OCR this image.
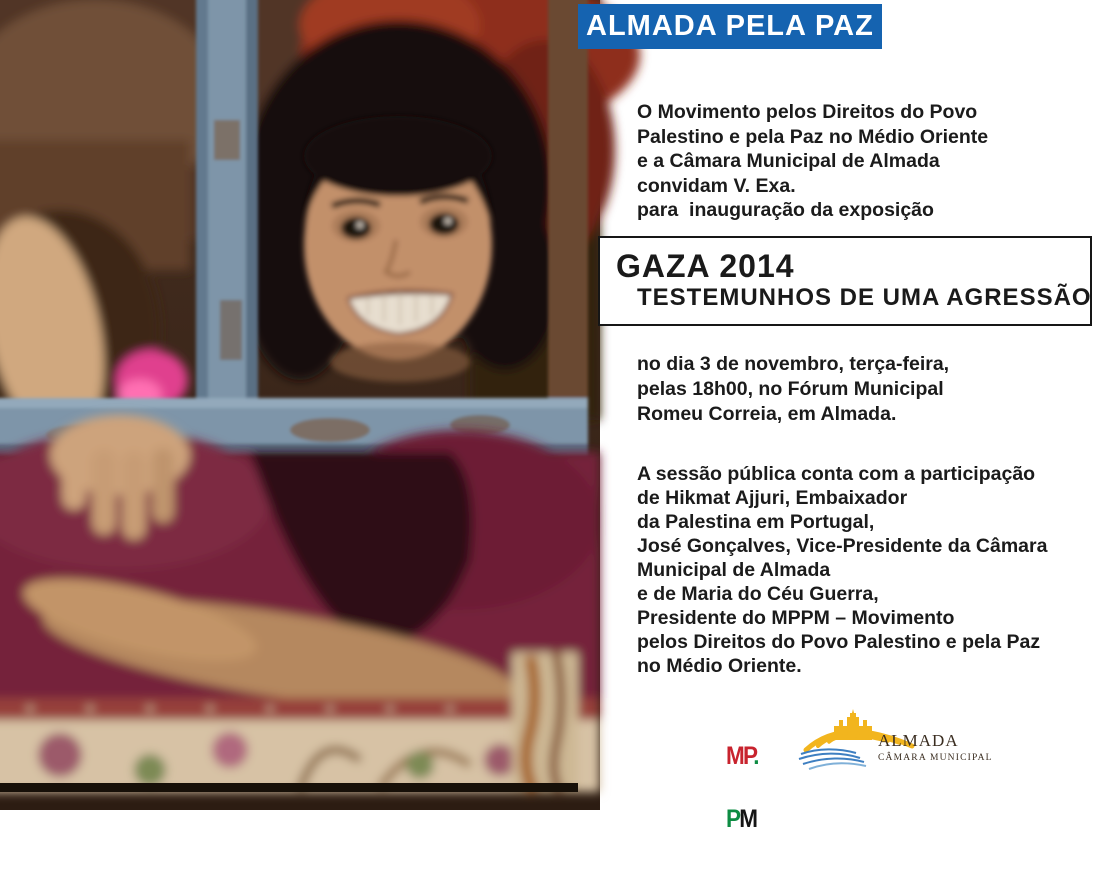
ALMADA PELA PAZ
O Movimento pelos Direitos do Povo
Palestino e pela Paz no Médio Oriente
e a Câmara Municipal de Almada
convidam V. Exa.
para  inauguração da exposição
GAZA 2014
TESTEMUNHOS DE UMA AGRESSÃO
no dia 3 de novembro, terça-feira,
pelas 18h00, no Fórum Municipal
Romeu Correia, em Almada.
A sessão pública conta com a participação
de Hikmat Ajjuri, Embaixador
da Palestina em Portugal,
José Gonçalves, Vice-Presidente da Câmara
Municipal de Almada
e de Maria do Céu Guerra,
Presidente do MPPM – Movimento
pelos Direitos do Povo Palestino e pela Paz
no Médio Oriente.

MP.

PM

ALMADA
CÂMARA MUNICIPAL
